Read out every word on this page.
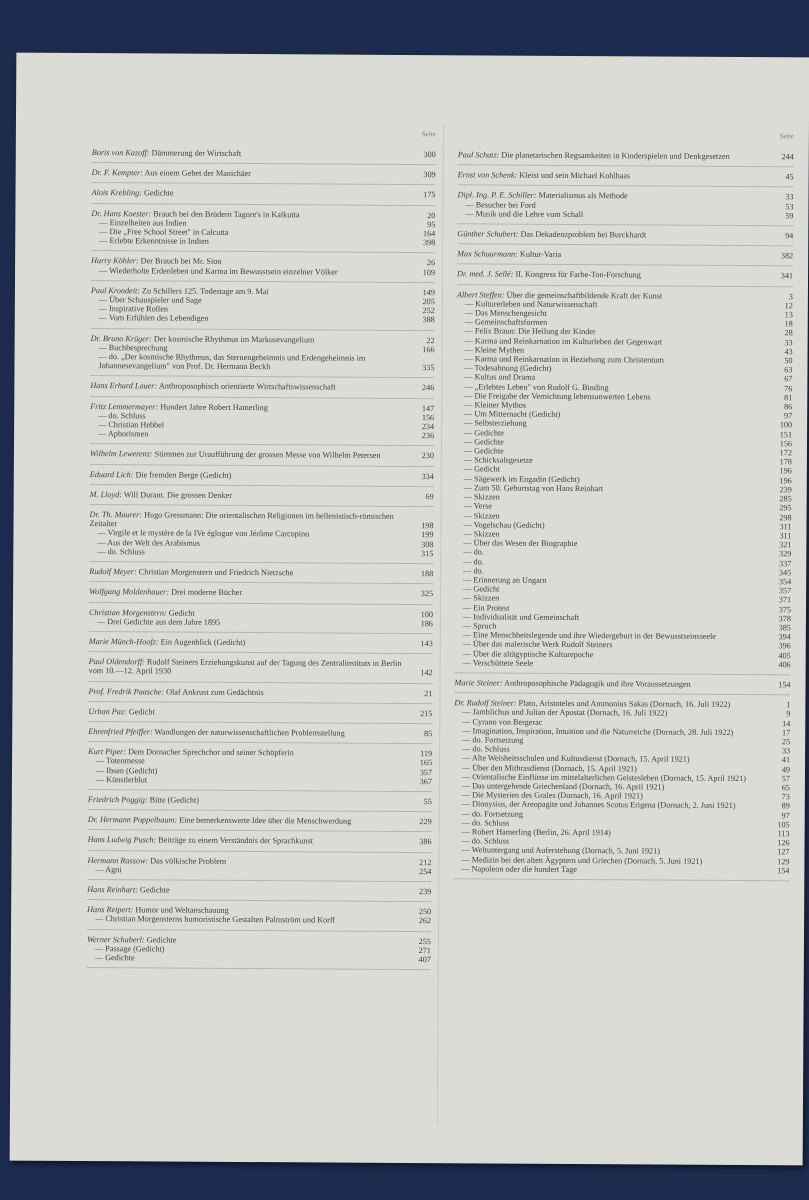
Seite
Boris von Kazoff: Dämmerung der Wirtschaft	300
Dr. F. Kempter: Aus einem Gebet der Manichäer	309
Alois Krebling: Gedichte	175
Dr. Hans Koester: Brauch bei den Brüdern Tagore's in Kalkutta	20
— Einzelheiten aus Indien	95
— Die „Free School Street" in Calcutta	164
— Erlebte Erkenntnisse in Indien	398
Harry Köhler: Der Brauch bei Mr. Sion	26
— Wiederholte Erdenleben und Karma im Bewusstsein einzelner Völker	109
Paul Krondeit: Zu Schillers 125. Todestage am 9. Mai	149
— Über Schauspieler und Sage	205
— Inspirative Rollen	252
— Vom Erfühlen des Lebendigen	388
Dr. Bruno Krüger: Der kosmische Rhythmus im Markusevangelium	22
— Buchbesprechung	166
— do. „Der kosmische Rhythmus, das Sternengeheimnis und Erdengeheimnis im Johannesevangelium" von Prof. Dr. Hermann Beckh	335
Hans Erhard Lauer: Anthroposophisch orientierte Wirtschaftswissenschaft	246
Fritz Lemmermayer: Hundert Jahre Robert Hamerling	147
— do. Schluss	156
— Christian Hebbel	234
— Aphorismen	236
Wilhelm Lewerenz: Stimmen zur Uraufführung der grossen Messe von Wilhelm Petersen	230
Eduard Lich: Die fremden Berge (Gedicht)	334
M. Lloyd: Will Durant. Die grossen Denker	69
Dr. Th. Maurer: Hugo Gressmann: Die orientalischen Religionen im hellenistisch-römischen Zeitalter	198
— Virgile et le mystère de la IVe églogue von Jérôme Carcopino	199
— Aus der Welt des Arabismus	308
— do. Schluss	315
Rudolf Meyer: Christian Morgenstern und Friedrich Nietzsche	188
Wolfgang Moldenhauer: Drei moderne Bücher	325
Christian Morgenstern: Gedicht	100
— Drei Gedichte aus dem Jahre 1895	186
Marie Münch-Hoofz: Ein Augenblick (Gedicht)	143
Paul Oldendorff: Rudolf Steiners Erziehungskunst auf der Tagung des Zentralinstituts in Berlin vom 10.—12. April 1930	142
Prof. Fredrik Paasche: Olaf Ankrust zum Gedächtnis	21
Urban Paz: Gedicht	215
Ehrenfried Pfeiffer: Wandlungen der naturwissenschaftlichen Problemstellung	85
Kurt Piper: Dem Dornacher Sprechchor und seiner Schöpferin	119
— Totenmesse	165
— Ibsen (Gedicht)	357
— Künstlerblut	367
Friedrich Poggig: Bitte (Gedicht)	55
Dr. Hermann Poppelbaum: Eine bemerkenswerte Idee über die Menschwerdung	229
Hans Ludwig Pusch: Beiträge zu einem Verständnis der Sprachkunst	386
Hermann Rassow: Das völkische Problem	212
— Agni	254
Hans Reinhart: Gedichte	239
Hans Reipert: Humor und Weltanschauung	250
— Christian Morgensterns humoristische Gestalten Palmström und Korff	262
Werner Schaberl: Gedichte	255
— Passage (Gedicht)	271
— Gedichte	407
Seite
Paul Schatz: Die planetarischen Regsamkeiten in Kinderspielen und Denkgesetzen	244
Ernst von Schenk: Kleist und sein Michael Kohlhaas	45
Dipl. Ing. P. E. Schiller: Materialismus als Methode	33
— Besucher bei Ford	53
— Musik und die Lehre vom Schall	59
Günther Schubert: Das Dekadenzproblem bei Burckhardt	94
Max Schuurmann: Kultur-Varia	382
Dr. med. J. Sellé: II. Kongress für Farbe-Ton-Forschung	341
Albert Steffen: Über die gemeinschaftbildende Kraft der Kunst	3
— Kulturerleben und Naturwissenschaft	12
— Das Menschengesicht	13
— Gemeinschaftsformen	18
— Felix Braun: Die Heilung der Kinder	28
— Karma und Reinkarnation im Kulturleben der Gegenwart	33
— Kleine Mythen	43
— Karma und Reinkarnation in Beziehung zum Christentum	50
— Todesahnung (Gedicht)	63
— Kultus und Drama	67
— „Erlebtes Leben" von Rudolf G. Binding	76
— Die Freigabe der Vernichtung lebensunwerten Lebens	81
— Kleiner Mythos	86
— Um Mitternacht (Gedicht)	97
— Selbsterziehung	100
— Gedichte	151
— Gedichte	156
— Gedichte	172
— Schicksalsgesetze	178
— Gedicht	196
— Sägewerk im Engadin (Gedicht)	196
— Zum 50. Geburtstag von Hans Reinhart	239
— Skizzen	285
— Verse	295
— Skizzen	298
— Vogelschau (Gedicht)	311
— Skizzen	311
— Über das Wesen der Biographie	321
— do.	329
— do.	337
— do.	345
— Erinnerung an Ungarn	354
— Gedicht	357
— Skizzen	371
— Ein Protest	375
— Individualität und Gemeinschaft	378
— Spruch	385
— Eine Menschheitslegende und ihre Wiedergeburt in der Bewusstseinsseele	394
— Über das malerische Werk Rudolf Steiners	396
— Über die altägyptische Kulturepoche	405
— Verschüttete Seele	406
Marie Steiner: Anthroposophische Pädagogik und ihre Voraussetzungen	154
Dr. Rudolf Steiner: Plato, Aristoteles und Ammonius Sakas (Dornach, 16. Juli 1922)	1
— Jamblichus und Julian der Apostat (Dornach, 16. Juli 1922)	9
— Cyrano von Bergerac	14
— Imagination, Inspiration, Intuition und die Naturreiche (Dornach, 28. Juli 1922)	17
— do. Fortsetzung	25
— do. Schluss	33
— Alte Weisheitsschulen und Kultusdienst (Dornach, 15. April 1921)	41
— Über den Mithrasdienst (Dornach, 15. April 1921)	49
— Orientalische Einflüsse im mittelalterlichen Geistesleben (Dornach, 15. April 1921)	57
— Das untergehende Griechenland (Dornach, 16. April 1921)	65
— Die Mysterien des Grales (Dornach, 16. April 1921)	73
— Dionysius, der Areopagite und Johannes Scotus Erigena (Dornach, 2. Juni 1921)	89
— do. Fortsetzung	97
— do. Schluss	105
— Robert Hamerling (Berlin, 26. April 1914)	113
— do. Schluss	126
— Weltuntergang und Auferstehung (Dornach, 5. Juni 1921)	127
— Medizin bei den alten Ägyptern und Griechen (Dornach, 5. Juni 1921)	129
— Napoleon oder die hundert Tage	154
